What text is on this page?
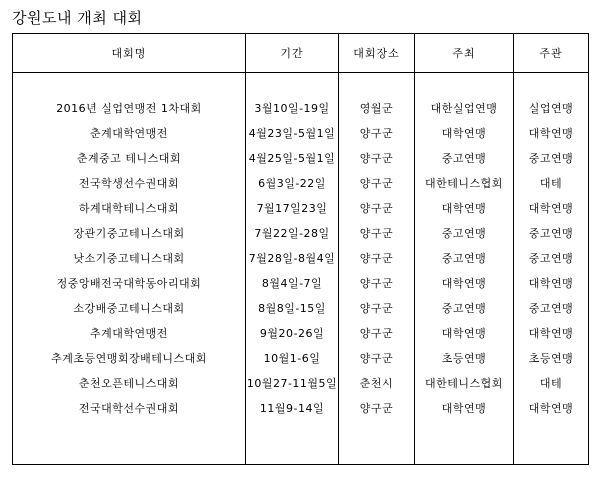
강원도내 개최 대회
대회명	기간	대회장소	주최	주관

2016년 실업연맹전 1차대회	3월10일-19일	영월군	대한실업연맹	실업연맹
춘계대학연맹전	4월23일-5월1일	양구군	대학연맹	대학연맹
춘계중고 테니스대회	4월25일-5월1일	양구군	중고연맹	중고연맹
전국학생선수권대회	6월3일-22일	양구군	대한테니스협회	대테
하계대학테니스대회	7월17일23일	양구군	대학연맹	대학연맹
장관기중고테니스대회	7월22일-28일	양구군	중고연맹	중고연맹
낫소기중고테니스대회	7월28일-8월4일	양구군	중고연맹	중고연맹
정중앙배전국대학동아리대회	8월4일-7일	양구군	대학연맹	대학연맹
소강배중고테니스대회	8월8일-15일	양구군	중고연맹	중고연맹
추계대학연맹전	9월20-26일	양구군	대학연맹	대학연맹
추계초등연맹회장배테니스대회	10월1-6일	양구군	초등연맹	초등연맹
춘천오픈테니스대회	10월27-11월5일	춘천시	대한테니스협회	대테
전국대학선수권대회	11월9-14일	양구군	대학연맹	대학연맹
